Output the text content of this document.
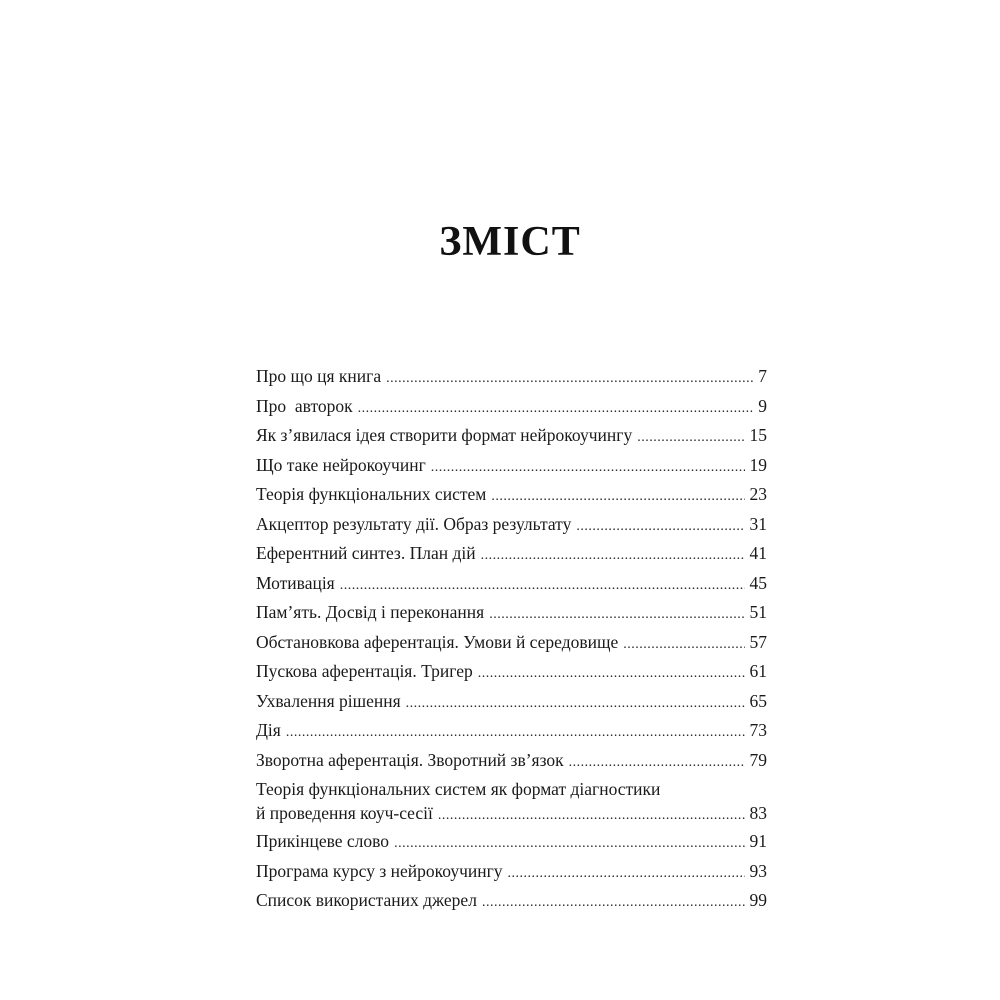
ЗМІСТ
Про що ця книга .....	7
Про  авторок .....	9
Як з’явилася ідея створити формат нейрокоучингу .....	15
Що таке нейрокоучинг .....	19
Теорія функціональних систем .....	23
Акцептор результату дії. Образ результату .....	31
Еферентний синтез. План дій .....	41
Мотивація .....	45
Пам’ять. Досвід і переконання .....	51
Обстановкова аферентація. Умови й середовище .....	57
Пускова аферентація. Тригер .....	61
Ухвалення рішення .....	65
Дія .....	73
Зворотна аферентація. Зворотний зв’язок .....	79
Теорія функціональних систем як формат діагностики
й проведення коуч-сесії .....	83
Прикінцеве слово .....	91
Програма курсу з нейрокоучингу .....	93
Список використаних джерел .....	99
